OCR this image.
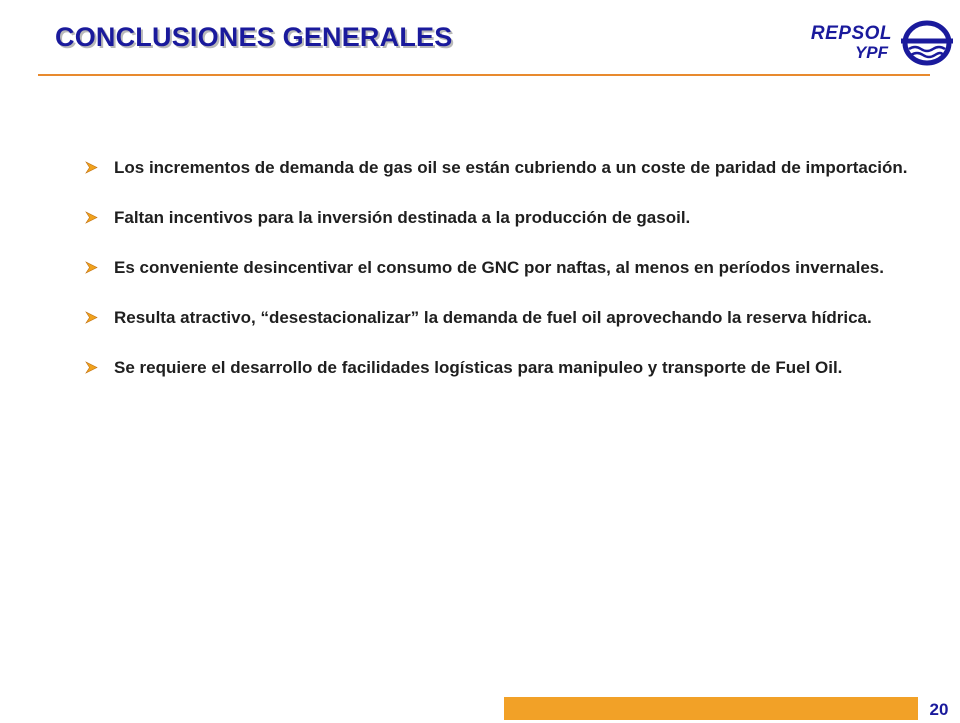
CONCLUSIONES GENERALES	REPSOL
YPF
Los incrementos de demanda de gas oil se están cubriendo a un coste de paridad de importación.
Faltan incentivos para la inversión destinada a la producción de gasoil.
Es conveniente desincentivar el consumo de GNC por naftas, al menos en períodos invernales.
Resulta atractivo, “desestacionalizar” la demanda de fuel oil aprovechando la reserva hídrica.
Se requiere el desarrollo de facilidades logísticas para manipuleo y transporte de Fuel Oil.
20
